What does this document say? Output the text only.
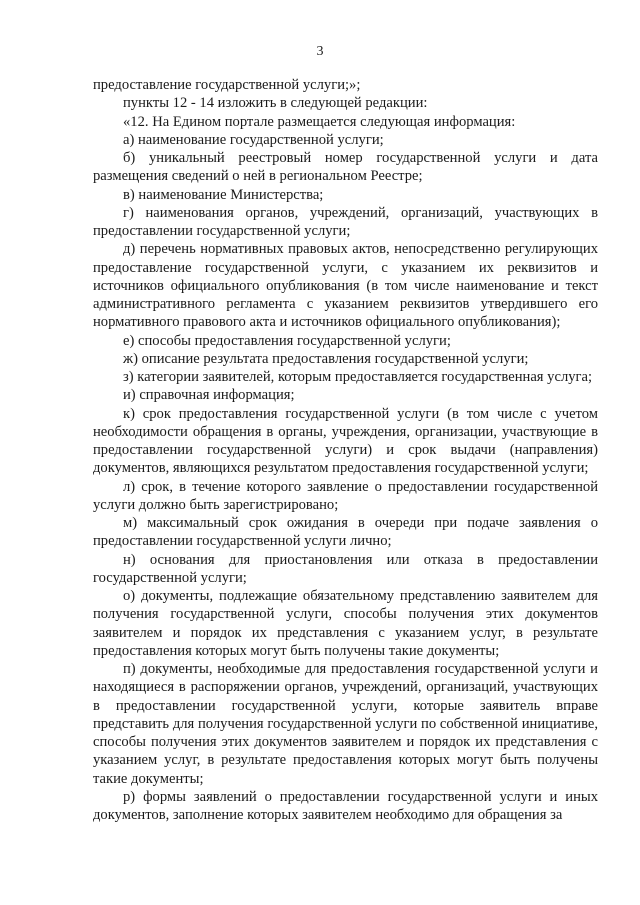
3

предоставление государственной услуги;»;

пункты 12 - 14 изложить в следующей редакции:

«12. На Едином портале размещается следующая информация:

а) наименование государственной услуги;

б) уникальный реестровый номер государственной услуги и дата размещения сведений о ней в региональном Реестре;

в) наименование Министерства;

г) наименования органов, учреждений, организаций, участвующих в предоставлении государственной услуги;

д) перечень нормативных правовых актов, непосредственно регулирующих предоставление государственной услуги, с указанием их реквизитов и источников официального опубликования (в том числе наименование и текст административного регламента с указанием реквизитов утвердившего его нормативного правового акта и источников официального опубликования);

е) способы предоставления государственной услуги;

ж) описание результата предоставления государственной услуги;

з) категории заявителей, которым предоставляется государственная услуга;

и) справочная информация;

к) срок предоставления государственной услуги (в том числе с учетом необходимости обращения в органы, учреждения, организации, участвующие в предоставлении государственной услуги) и срок выдачи (направления) документов, являющихся результатом предоставления государственной услуги;

л) срок, в течение которого заявление о предоставлении государственной услуги должно быть зарегистрировано;

м) максимальный срок ожидания в очереди при подаче заявления о предоставлении государственной услуги лично;

н) основания для приостановления или отказа в предоставлении государственной услуги;

о) документы, подлежащие обязательному представлению заявителем для получения государственной услуги, способы получения этих документов заявителем и порядок их представления с указанием услуг, в результате предоставления которых могут быть получены такие документы;

п) документы, необходимые для предоставления государственной услуги и находящиеся в распоряжении органов, учреждений, организаций, участвующих в предоставлении государственной услуги, которые заявитель вправе представить для получения государственной услуги по собственной инициативе, способы получения этих документов заявителем и порядок их представления с указанием услуг, в результате предоставления которых могут быть получены такие документы;

р) формы заявлений о предоставлении государственной услуги и иных документов, заполнение которых заявителем необходимо для обращения за
